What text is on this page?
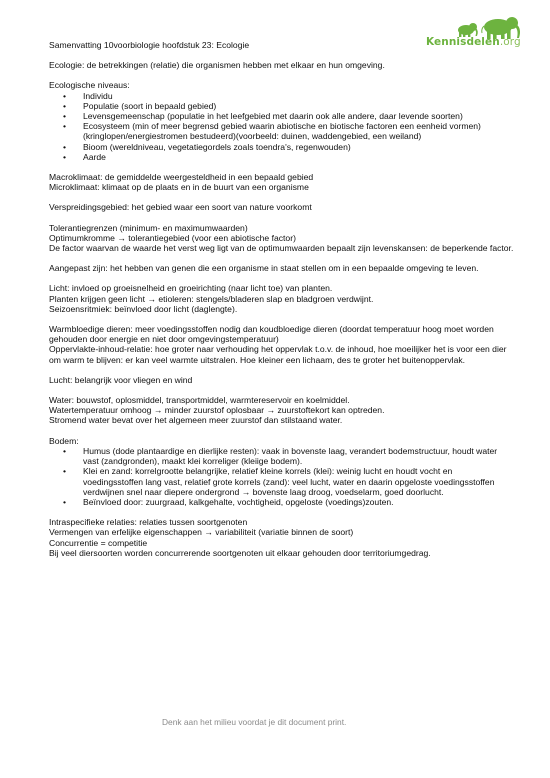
Kennisdelen.org

Samenvatting 10voorbiologie hoofdstuk 23: Ecologie

Ecologie: de betrekkingen (relatie) die organismen hebben met elkaar en hun omgeving.

Ecologische niveaus:

• Individu
• Populatie (soort in bepaald gebied)
• Levensgemeenschap (populatie in het leefgebied met daarin ook alle andere, daar levende soorten)
• Ecosysteem (min of meer begrensd gebied waarin abiotische en biotische factoren een eenheid vormen)(kringlopen/energiestromen bestudeerd)(voorbeeld: duinen, waddengebied, een weiland)
• Bioom (wereldniveau, vegetatiegordels zoals toendra's, regenwouden)
• Aarde

Macroklimaat: de gemiddelde weergesteldheid in een bepaald gebied

Microklimaat: klimaat op de plaats en in de buurt van een organisme

Verspreidingsgebied: het gebied waar een soort van nature voorkomt

Tolerantiegrenzen (minimum- en maximumwaarden)

Optimumkromme → tolerantiegebied (voor een abiotische factor)

De factor waarvan de waarde het verst weg ligt van de optimumwaarden bepaalt zijn levenskansen: de beperkende factor.

Aangepast zijn: het hebben van genen die een organisme in staat stellen om in een bepaalde omgeving te leven.

Licht: invloed op groeisnelheid en groeirichting (naar licht toe) van planten.

Planten krijgen geen licht → etioleren: stengels/bladeren slap en bladgroen verdwijnt.

Seizoensritmiek: beïnvloed door licht (daglengte).

Warmbloedige dieren: meer voedingsstoffen nodig dan koudbloedige dieren (doordat temperatuur hoog moet worden gehouden door energie en niet door omgevingstemperatuur)

Oppervlakte-inhoud-relatie: hoe groter naar verhouding het oppervlak t.o.v. de inhoud, hoe moeilijker het is voor een dier om warm te blijven: er kan veel warmte uitstralen. Hoe kleiner een lichaam, des te groter het buitenoppervlak.

Lucht: belangrijk voor vliegen en wind

Water: bouwstof, oplosmiddel, transportmiddel, warmtereservoir en koelmiddel.

Watertemperatuur omhoog → minder zuurstof oplosbaar → zuurstoftekort kan optreden.

Stromend water bevat over het algemeen meer zuurstof dan stilstaand water.

Bodem:

• Humus (dode plantaardige en dierlijke resten): vaak in bovenste laag, verandert bodemstructuur, houdt water vast (zandgronden), maakt klei korreliger (kleiige bodem).
• Klei en zand: korrelgrootte belangrijke, relatief kleine korrels (klei): weinig lucht en houdt vocht en voedingsstoffen lang vast, relatief grote korrels (zand): veel lucht, water en daarin opgeloste voedingsstoffen verdwijnen snel naar diepere ondergrond → bovenste laag droog, voedselarm, goed doorlucht.
• Beïnvloed door: zuurgraad, kalkgehalte, vochtigheid, opgeloste (voedings)zouten.

Intraspecifieke relaties: relaties tussen soortgenoten

Vermengen van erfelijke eigenschappen → variabiliteit (variatie binnen de soort)

Concurrentie = competitie

Bij veel diersoorten worden concurrerende soortgenoten uit elkaar gehouden door territoriumgedrag.

Denk aan het milieu voordat je dit document print.
